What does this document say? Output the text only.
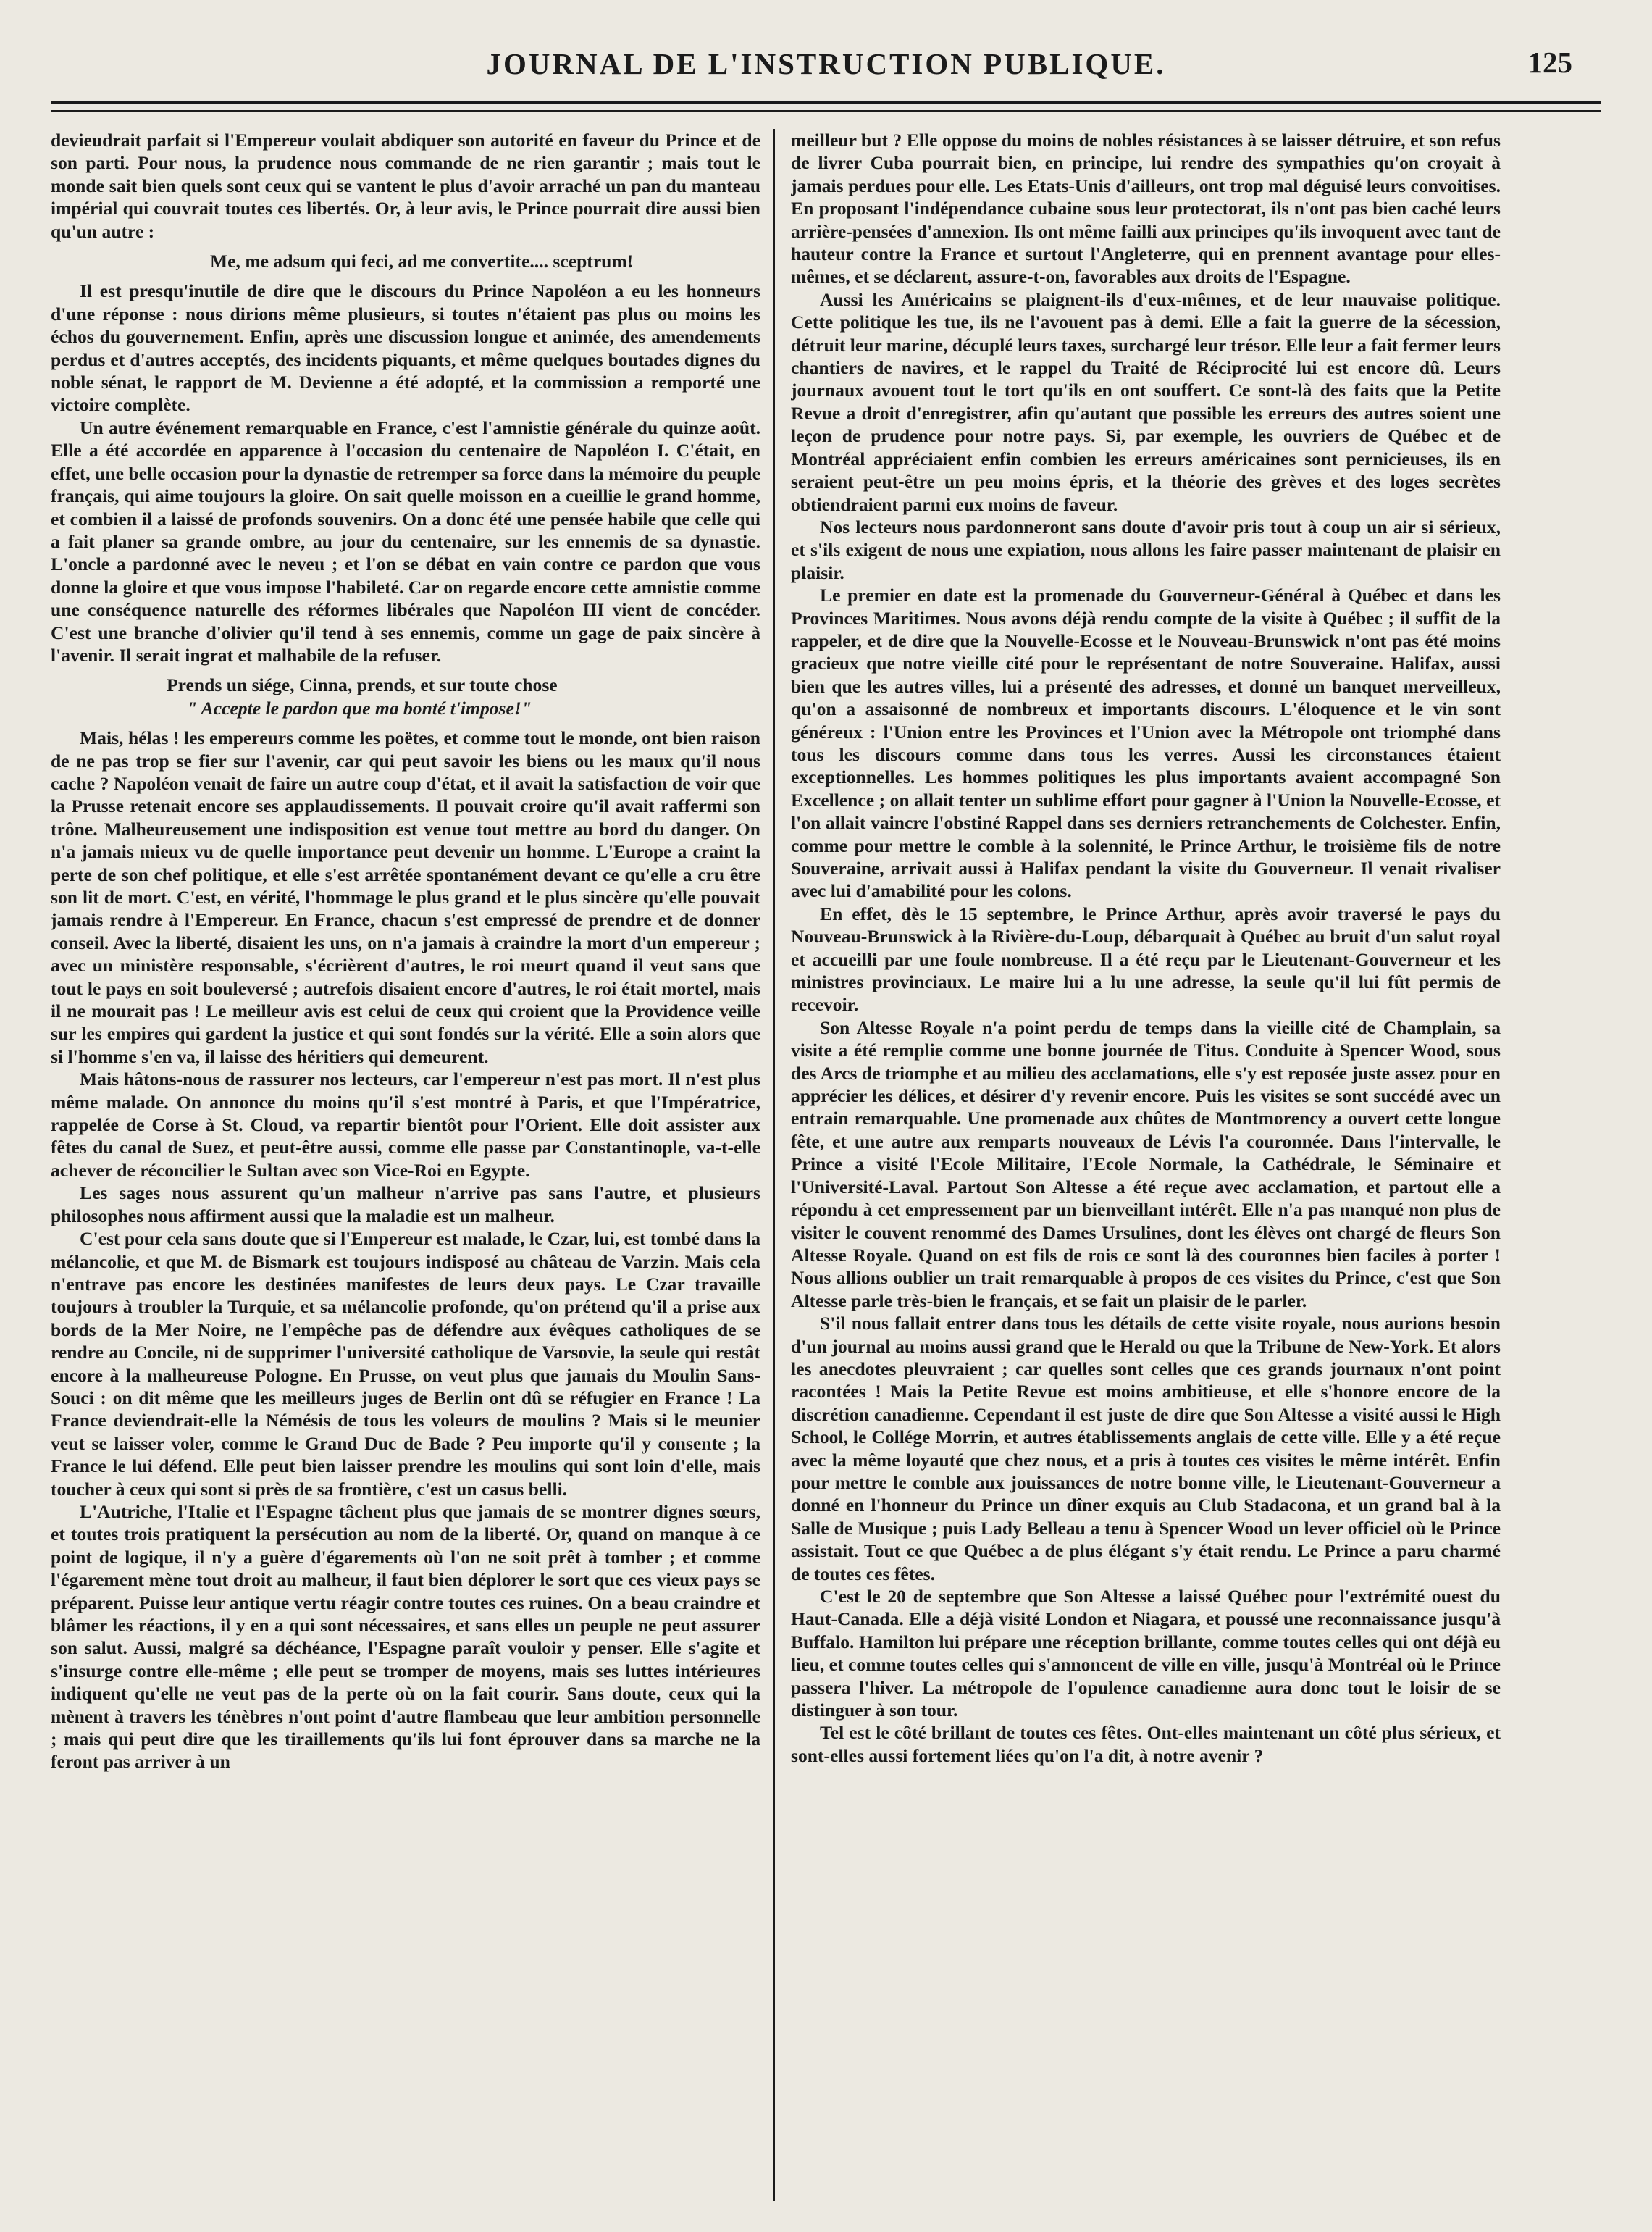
JOURNAL DE L'INSTRUCTION PUBLIQUE.	125

devieudrait parfait si l'Empereur voulait abdiquer son autorité en faveur du Prince et de son parti. Pour nous, la prudence nous commande de ne rien garantir ; mais tout le monde sait bien quels sont ceux qui se vantent le plus d'avoir arraché un pan du manteau impérial qui couvrait toutes ces libertés. Or, à leur avis, le Prince pourrait dire aussi bien qu'un autre :

Me, me adsum qui feci, ad me convertite.... sceptrum!

Il est presqu'inutile de dire que le discours du Prince Napoléon a eu les honneurs d'une réponse : nous dirions même plusieurs, si toutes n'étaient pas plus ou moins les échos du gouvernement. Enfin, après une discussion longue et animée, des amendements perdus et d'autres acceptés, des incidents piquants, et même quelques boutades dignes du noble sénat, le rapport de M. Devienne a été adopté, et la commission a remporté une victoire complète.

Un autre événement remarquable en France, c'est l'amnistie générale du quinze août. Elle a été accordée en apparence à l'occasion du centenaire de Napoléon I. C'était, en effet, une belle occasion pour la dynastie de retremper sa force dans la mémoire du peuple français, qui aime toujours la gloire. On sait quelle moisson en a cueillie le grand homme, et combien il a laissé de profonds souvenirs. On a donc été une pensée habile que celle qui a fait planer sa grande ombre, au jour du centenaire, sur les ennemis de sa dynastie. L'oncle a pardonné avec le neveu ; et l'on se débat en vain contre ce pardon que vous donne la gloire et que vous impose l'habileté. Car on regarde encore cette amnistie comme une conséquence naturelle des réformes libérales que Napoléon III vient de concéder. C'est une branche d'olivier qu'il tend à ses ennemis, comme un gage de paix sincère à l'avenir. Il serait ingrat et malhabile de la refuser.

Prends un siége, Cinna, prends, et sur toute chose
" Accepte le pardon que ma bonté t'impose!"

Mais, hélas ! les empereurs comme les poëtes, et comme tout le monde, ont bien raison de ne pas trop se fier sur l'avenir, car qui peut savoir les biens ou les maux qu'il nous cache ? Napoléon venait de faire un autre coup d'état, et il avait la satisfaction de voir que la Prusse retenait encore ses applaudissements. Il pouvait croire qu'il avait raffermi son trône. Malheureusement une indisposition est venue tout mettre au bord du danger. On n'a jamais mieux vu de quelle importance peut devenir un homme. L'Europe a craint la perte de son chef politique, et elle s'est arrêtée spontanément devant ce qu'elle a cru être son lit de mort. C'est, en vérité, l'hommage le plus grand et le plus sincère qu'elle pouvait jamais rendre à l'Empereur. En France, chacun s'est empressé de prendre et de donner conseil. Avec la liberté, disaient les uns, on n'a jamais à craindre la mort d'un empereur ; avec un ministère responsable, s'écrièrent d'autres, le roi meurt quand il veut sans que tout le pays en soit bouleversé ; autrefois disaient encore d'autres, le roi était mortel, mais il ne mourait pas ! Le meilleur avis est celui de ceux qui croient que la Providence veille sur les empires qui gardent la justice et qui sont fondés sur la vérité. Elle a soin alors que si l'homme s'en va, il laisse des héritiers qui demeurent.

Mais hâtons-nous de rassurer nos lecteurs, car l'empereur n'est pas mort. Il n'est plus même malade. On annonce du moins qu'il s'est montré à Paris, et que l'Impératrice, rappelée de Corse à St. Cloud, va repartir bientôt pour l'Orient. Elle doit assister aux fêtes du canal de Suez, et peut-être aussi, comme elle passe par Constantinople, va-t-elle achever de réconcilier le Sultan avec son Vice-Roi en Egypte.

Les sages nous assurent qu'un malheur n'arrive pas sans l'autre, et plusieurs philosophes nous affirment aussi que la maladie est un malheur.

C'est pour cela sans doute que si l'Empereur est malade, le Czar, lui, est tombé dans la mélancolie, et que M. de Bismark est toujours indisposé au château de Varzin. Mais cela n'entrave pas encore les destinées manifestes de leurs deux pays. Le Czar travaille toujours à troubler la Turquie, et sa mélancolie profonde, qu'on prétend qu'il a prise aux bords de la Mer Noire, ne l'empêche pas de défendre aux évêques catholiques de se rendre au Concile, ni de supprimer l'université catholique de Varsovie, la seule qui restât encore à la malheureuse Pologne. En Prusse, on veut plus que jamais du Moulin Sans-Souci : on dit même que les meilleurs juges de Berlin ont dû se réfugier en France ! La France deviendrait-elle la Némésis de tous les voleurs de moulins ? Mais si le meunier veut se laisser voler, comme le Grand Duc de Bade ? Peu importe qu'il y consente ; la France le lui défend. Elle peut bien laisser prendre les moulins qui sont loin d'elle, mais toucher à ceux qui sont si près de sa frontière, c'est un casus belli.

L'Autriche, l'Italie et l'Espagne tâchent plus que jamais de se montrer dignes sœurs, et toutes trois pratiquent la persécution au nom de la liberté. Or, quand on manque à ce point de logique, il n'y a guère d'égarements où l'on ne soit prêt à tomber ; et comme l'égarement mène tout droit au malheur, il faut bien déplorer le sort que ces vieux pays se préparent. Puisse leur antique vertu réagir contre toutes ces ruines. On a beau craindre et blâmer les réactions, il y en a qui sont nécessaires, et sans elles un peuple ne peut assurer son salut. Aussi, malgré sa déchéance, l'Espagne paraît vouloir y penser. Elle s'agite et s'insurge contre elle-même ; elle peut se tromper de moyens, mais ses luttes intérieures indiquent qu'elle ne veut pas de la perte où on la fait courir. Sans doute, ceux qui la mènent à travers les ténèbres n'ont point d'autre flambeau que leur ambition personnelle ; mais qui peut dire que les tiraillements qu'ils lui font éprouver dans sa marche ne la feront pas arriver à un

meilleur but ? Elle oppose du moins de nobles résistances à se laisser détruire, et son refus de livrer Cuba pourrait bien, en principe, lui rendre des sympathies qu'on croyait à jamais perdues pour elle. Les Etats-Unis d'ailleurs, ont trop mal déguisé leurs convoitises. En proposant l'indépendance cubaine sous leur protectorat, ils n'ont pas bien caché leurs arrière-pensées d'annexion. Ils ont même failli aux principes qu'ils invoquent avec tant de hauteur contre la France et surtout l'Angleterre, qui en prennent avantage pour elles-mêmes, et se déclarent, assure-t-on, favorables aux droits de l'Espagne.

Aussi les Américains se plaignent-ils d'eux-mêmes, et de leur mauvaise politique. Cette politique les tue, ils ne l'avouent pas à demi. Elle a fait la guerre de la sécession, détruit leur marine, décuplé leurs taxes, surchargé leur trésor. Elle leur a fait fermer leurs chantiers de navires, et le rappel du Traité de Réciprocité lui est encore dû. Leurs journaux avouent tout le tort qu'ils en ont souffert. Ce sont-là des faits que la Petite Revue a droit d'enregistrer, afin qu'autant que possible les erreurs des autres soient une leçon de prudence pour notre pays. Si, par exemple, les ouvriers de Québec et de Montréal appréciaient enfin combien les erreurs américaines sont pernicieuses, ils en seraient peut-être un peu moins épris, et la théorie des grèves et des loges secrètes obtiendraient parmi eux moins de faveur.

Nos lecteurs nous pardonneront sans doute d'avoir pris tout à coup un air si sérieux, et s'ils exigent de nous une expiation, nous allons les faire passer maintenant de plaisir en plaisir.

Le premier en date est la promenade du Gouverneur-Général à Québec et dans les Provinces Maritimes. Nous avons déjà rendu compte de la visite à Québec ; il suffit de la rappeler, et de dire que la Nouvelle-Ecosse et le Nouveau-Brunswick n'ont pas été moins gracieux que notre vieille cité pour le représentant de notre Souveraine. Halifax, aussi bien que les autres villes, lui a présenté des adresses, et donné un banquet merveilleux, qu'on a assaisonné de nombreux et importants discours. L'éloquence et le vin sont généreux : l'Union entre les Provinces et l'Union avec la Métropole ont triomphé dans tous les discours comme dans tous les verres. Aussi les circonstances étaient exceptionnelles. Les hommes politiques les plus importants avaient accompagné Son Excellence ; on allait tenter un sublime effort pour gagner à l'Union la Nouvelle-Ecosse, et l'on allait vaincre l'obstiné Rappel dans ses derniers retranchements de Colchester. Enfin, comme pour mettre le comble à la solennité, le Prince Arthur, le troisième fils de notre Souveraine, arrivait aussi à Halifax pendant la visite du Gouverneur. Il venait rivaliser avec lui d'amabilité pour les colons.

En effet, dès le 15 septembre, le Prince Arthur, après avoir traversé le pays du Nouveau-Brunswick à la Rivière-du-Loup, débarquait à Québec au bruit d'un salut royal et accueilli par une foule nombreuse. Il a été reçu par le Lieutenant-Gouverneur et les ministres provinciaux. Le maire lui a lu une adresse, la seule qu'il lui fût permis de recevoir.

Son Altesse Royale n'a point perdu de temps dans la vieille cité de Champlain, sa visite a été remplie comme une bonne journée de Titus. Conduite à Spencer Wood, sous des Arcs de triomphe et au milieu des acclamations, elle s'y est reposée juste assez pour en apprécier les délices, et désirer d'y revenir encore. Puis les visites se sont succédé avec un entrain remarquable. Une promenade aux chûtes de Montmorency a ouvert cette longue fête, et une autre aux remparts nouveaux de Lévis l'a couronnée. Dans l'intervalle, le Prince a visité l'Ecole Militaire, l'Ecole Normale, la Cathédrale, le Séminaire et l'Université-Laval. Partout Son Altesse a été reçue avec acclamation, et partout elle a répondu à cet empressement par un bienveillant intérêt. Elle n'a pas manqué non plus de visiter le couvent renommé des Dames Ursulines, dont les élèves ont chargé de fleurs Son Altesse Royale. Quand on est fils de rois ce sont là des couronnes bien faciles à porter ! Nous allions oublier un trait remarquable à propos de ces visites du Prince, c'est que Son Altesse parle très-bien le français, et se fait un plaisir de le parler.

S'il nous fallait entrer dans tous les détails de cette visite royale, nous aurions besoin d'un journal au moins aussi grand que le Herald ou que la Tribune de New-York. Et alors les anecdotes pleuvraient ; car quelles sont celles que ces grands journaux n'ont point racontées ! Mais la Petite Revue est moins ambitieuse, et elle s'honore encore de la discrétion canadienne. Cependant il est juste de dire que Son Altesse a visité aussi le High School, le Collége Morrin, et autres établissements anglais de cette ville. Elle y a été reçue avec la même loyauté que chez nous, et a pris à toutes ces visites le même intérêt. Enfin pour mettre le comble aux jouissances de notre bonne ville, le Lieutenant-Gouverneur a donné en l'honneur du Prince un dîner exquis au Club Stadacona, et un grand bal à la Salle de Musique ; puis Lady Belleau a tenu à Spencer Wood un lever officiel où le Prince assistait. Tout ce que Québec a de plus élégant s'y était rendu. Le Prince a paru charmé de toutes ces fêtes.

C'est le 20 de septembre que Son Altesse a laissé Québec pour l'extrémité ouest du Haut-Canada. Elle a déjà visité London et Niagara, et poussé une reconnaissance jusqu'à Buffalo. Hamilton lui prépare une réception brillante, comme toutes celles qui ont déjà eu lieu, et comme toutes celles qui s'annoncent de ville en ville, jusqu'à Montréal où le Prince passera l'hiver. La métropole de l'opulence canadienne aura donc tout le loisir de se distinguer à son tour.

Tel est le côté brillant de toutes ces fêtes. Ont-elles maintenant un côté plus sérieux, et sont-elles aussi fortement liées qu'on l'a dit, à notre avenir ?
